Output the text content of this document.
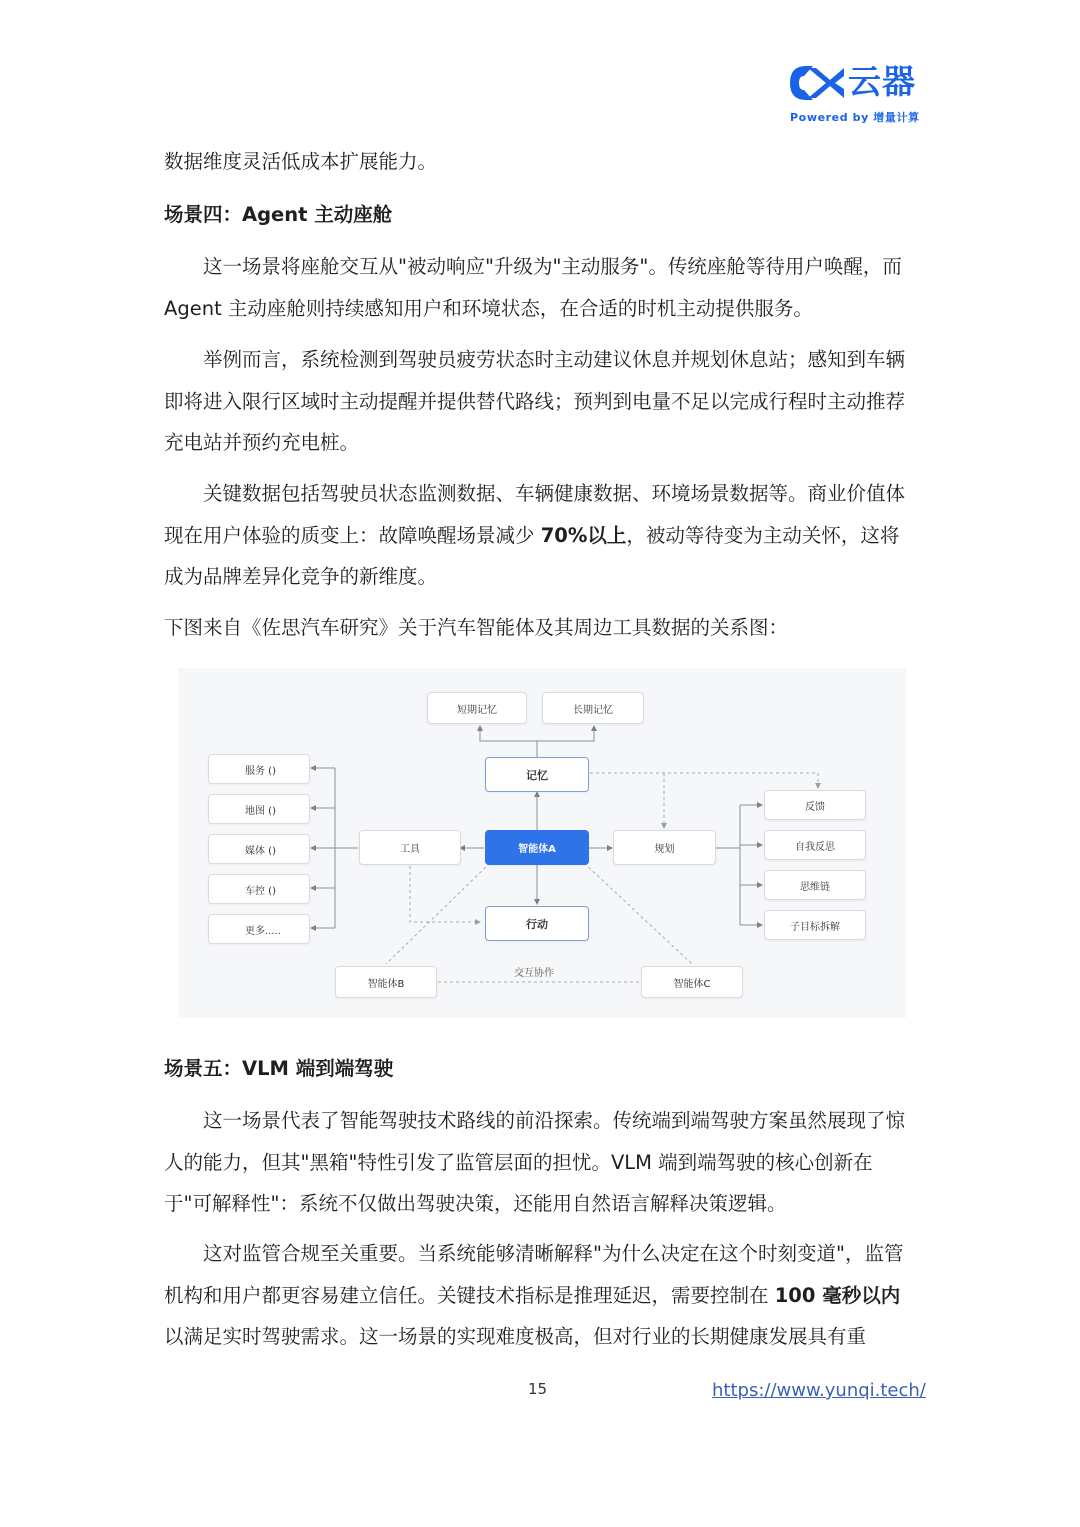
云器
Powered by 增量计算

数据维度灵活低成本扩展能力。

场景四：Agent 主动座舱

这一场景将座舱交互从"被动响应"升级为"主动服务"。传统座舱等待用户唤醒，而Agent 主动座舱则持续感知用户和环境状态，在合适的时机主动提供服务。

举例而言，系统检测到驾驶员疲劳状态时主动建议休息并规划休息站；感知到车辆即将进入限行区域时主动提醒并提供替代路线；预判到电量不足以完成行程时主动推荐充电站并预约充电桩。

关键数据包括驾驶员状态监测数据、车辆健康数据、环境场景数据等。商业价值体现在用户体验的质变上：故障唤醒场景减少 70%以上，被动等待变为主动关怀，这将成为品牌差异化竞争的新维度。

下图来自《佐思汽车研究》关于汽车智能体及其周边工具数据的关系图：

短期记忆	长期记忆
记忆
智能体A
工具	规划
行动
智能体B	智能体C
交互协作
服务 ()
地图 ()
媒体 ()
车控 ()
更多.....
反馈
自我反思
思维链
子目标拆解

场景五：VLM 端到端驾驶

这一场景代表了智能驾驶技术路线的前沿探索。传统端到端驾驶方案虽然展现了惊人的能力，但其"黑箱"特性引发了监管层面的担忧。VLM 端到端驾驶的核心创新在于"可解释性"：系统不仅做出驾驶决策，还能用自然语言解释决策逻辑。

这对监管合规至关重要。当系统能够清晰解释"为什么决定在这个时刻变道"，监管机构和用户都更容易建立信任。关键技术指标是推理延迟，需要控制在 100 毫秒以内以满足实时驾驶需求。这一场景的实现难度极高，但对行业的长期健康发展具有重

15	https://www.yunqi.tech/
